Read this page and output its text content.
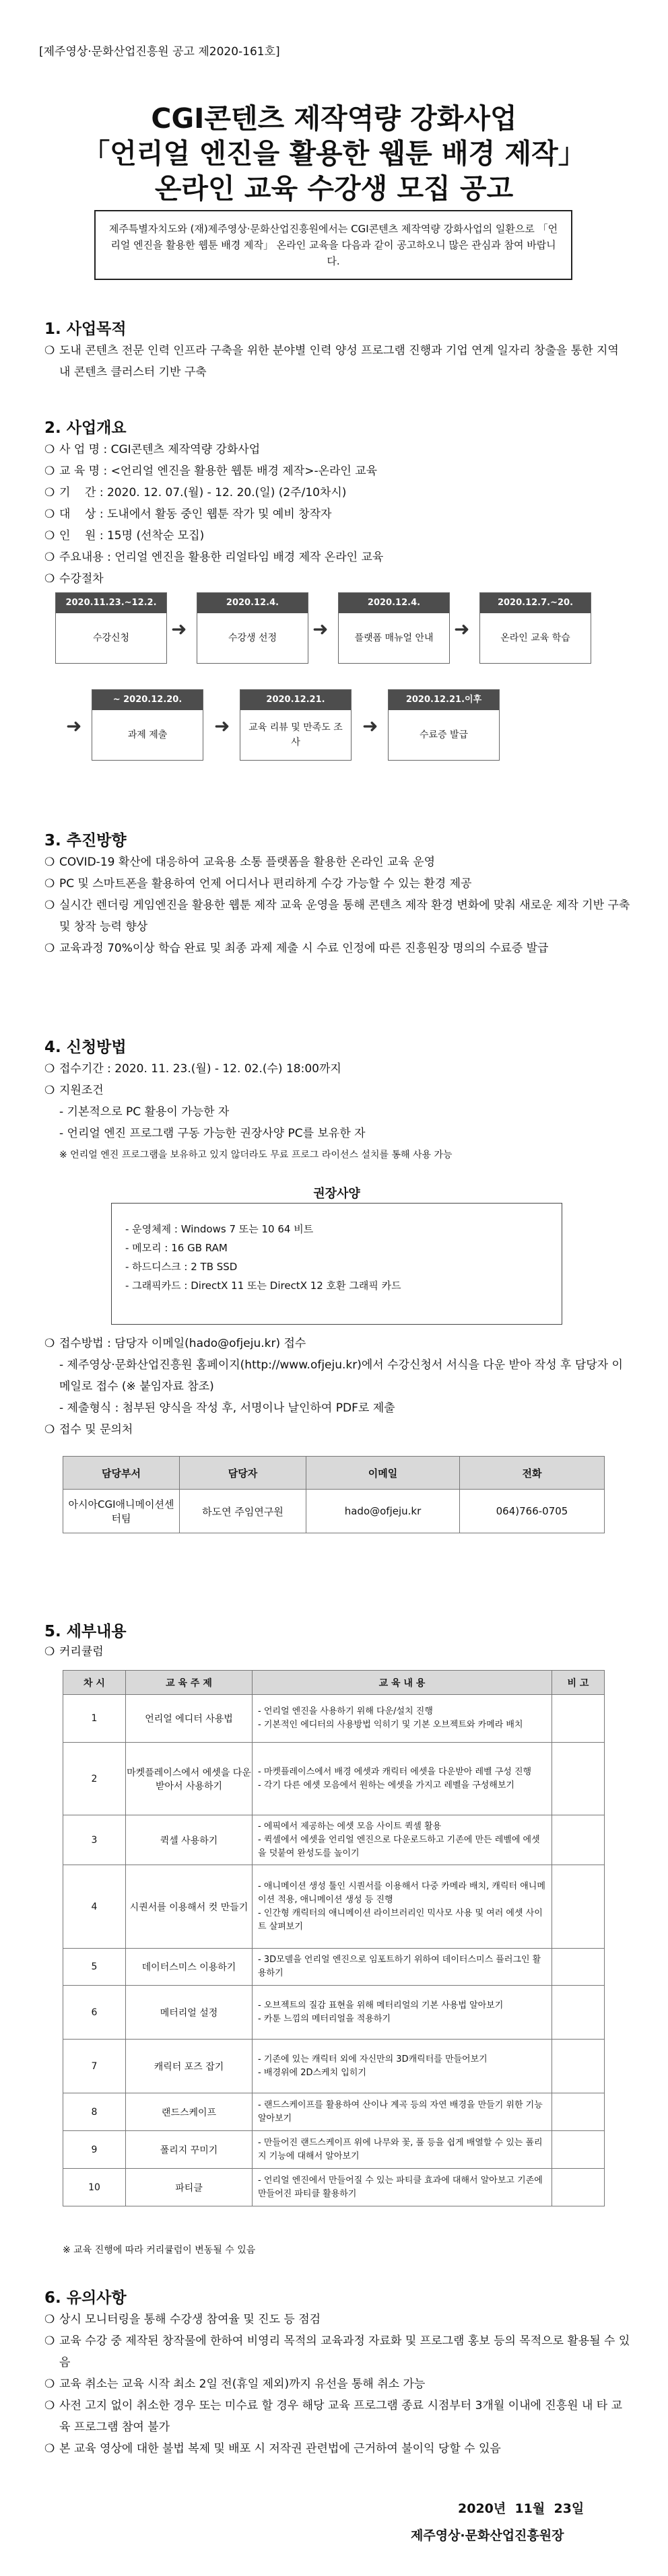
[제주영상·문화산업진흥원 공고 제2020-161호]
CGI콘텐츠 제작역량 강화사업
「언리얼 엔진을 활용한 웹툰 배경 제작」
온라인 교육 수강생 모집 공고
제주특별자치도와 (재)제주영상·문화산업진흥원에서는 CGI콘텐츠 제작역량 강화사업의 일환으로 「언리얼 엔진을 활용한 웹툰 배경 제작」 온라인 교육을 다음과 같이 공고하오니 많은 관심과 참여 바랍니다.
1. 사업목적
❍ 도내 콘텐츠 전문 인력 인프라 구축을 위한 분야별 인력 양성 프로그램 진행과 기업 연계 일자리 창출을 통한 지역 내 콘텐츠 클러스터 기반 구축
2. 사업개요
❍ 사 업 명 : CGI콘텐츠 제작역량 강화사업
❍ 교 육 명 : <언리얼 엔진을 활용한 웹툰 배경 제작>-온라인 교육
❍ 기    간 : 2020. 12. 07.(월) - 12. 20.(일) (2주/10차시)
❍ 대    상 : 도내에서 활동 중인 웹툰 작가 및 예비 창작자
❍ 인    원 : 15명 (선착순 모집)
❍ 주요내용 : 언리얼 엔진을 활용한 리얼타임 배경 제작 온라인 교육
❍ 수강절차
2020.11.23.~12.2.
수강신청	➜
2020.12.4.
수강생 선정	➜
2020.12.4.
플랫폼 매뉴얼 안내	➜
2020.12.7.~20.
온라인 교육 학습
➜
~ 2020.12.20.
과제 제출	➜
2020.12.21.
교육 리뷰 및 만족도 조사
➜
2020.12.21.이후
수료증 발급
3. 추진방향
❍ COVID-19 확산에 대응하여 교육용 소통 플랫폼을 활용한 온라인 교육 운영
❍ PC 및 스마트폰을 활용하여 언제 어디서나 편리하게 수강 가능할 수 있는 환경 제공
❍ 실시간 렌더링 게임엔진을 활용한 웹툰 제작 교육 운영을 통해 콘텐츠 제작 환경 변화에 맞춰 새로운 제작 기반 구축 및 창작 능력 향상
❍ 교육과정 70%이상 학습 완료 및 최종 과제 제출 시 수료 인정에 따른 진흥원장 명의의 수료증 발급
4. 신청방법
❍ 접수기간 : 2020. 11. 23.(월) - 12. 02.(수) 18:00까지
❍ 지원조건
- 기본적으로 PC 활용이 가능한 자
- 언리얼 엔진 프로그램 구동 가능한 권장사양 PC를 보유한 자
※ 언리얼 엔진 프로그램을 보유하고 있지 않더라도 무료 프로그 라이선스 설치를 통해 사용 가능
권장사양
- 운영체제 : Windows 7 또는 10 64 비트
- 메모리 : 16 GB RAM
- 하드디스크 : 2 TB SSD
- 그래픽카드 : DirectX 11 또는 DirectX 12 호환 그래픽 카드
❍ 접수방법 : 담당자 이메일(hado@ofjeju.kr) 접수
- 제주영상·문화산업진흥원 홈페이지(http://www.ofjeju.kr)에서 수강신청서 서식을 다운 받아 작성 후 담당자 이메일로 접수 (※ 붙임자료 참조)
- 제출형식 : 첨부된 양식을 작성 후, 서명이나 날인하여 PDF로 제출
❍ 접수 및 문의처
담당부서	담당자	이메일	전화
아시아CGI애니메이션센터팀	하도연 주임연구원	hado@ofjeju.kr	064)766-0705
5. 세부내용
❍ 커리큘럼
차 시	교 육 주 제	교 육 내 용	비 고
1	언리얼 에디터 사용법	- 언리얼 엔진을 사용하기 위해 다운/설치 진행
- 기본적인 에디터의 사용방법 익히기 및 기본 오브젝트와 카메라 배치	

2	마켓플레이스에서 에셋을 다운받아서 사용하기	- 마켓플레이스에서 배경 에셋과 캐릭터 에셋을 다운받아 레벨 구성 진행
- 각기 다른 에셋 모음에서 원하는 에셋을 가지고 레벨을 구성해보기	

3	퀵셀 사용하기	- 에픽에서 제공하는 에셋 모음 사이트 퀵셀 활용
- 퀵셀에서 에셋을 언리얼 엔진으로 다운로드하고 기존에 만든 레벨에 에셋을 덧붙여 완성도를 높이기	

4	시퀀서를 이용해서 컷 만들기	- 애니메이션 생성 툴인 시퀀서를 이용해서 다중 카메라 배치, 캐릭터 애니메이션 적용, 애니메이션 생성 등 진행
- 인간형 캐릭터의 애니메이션 라이브러리인 믹사모 사용 및 여러 에셋 사이트 살펴보기	

5	데이터스미스 이용하기	- 3D모델을 언리얼 엔진으로 임포트하기 위하여 데이터스미스 플러그인 활용하기	

6	메터리얼 설정	- 오브젝트의 질감 표현을 위해 메터리얼의 기본 사용법 알아보기
- 카툰 느낌의 메터리얼을 적용하기	

7	캐릭터 포즈 잡기	- 기존에 있는 캐릭터 외에 자신만의 3D캐릭터를 만들어보기
- 배경위에 2D스케치 입히기	

8	랜드스케이프	- 랜드스케이프를 활용하여 산이나 계곡 등의 자연 배경을 만들기 위한 기능 알아보기	

9	폴리지 꾸미기	- 만들어진 랜드스케이프 위에 나무와 꽃, 풀 등을 쉽게 배열할 수 있는 폴리지 기능에 대해서 알아보기	

10	파티클	- 언리얼 엔진에서 만들어질 수 있는 파티클 효과에 대해서 알아보고 기존에 만들어진 파티클 활용하기	

※ 교육 진행에 따라 커리큘럼이 변동될 수 있음
6. 유의사항
❍ 상시 모니터링을 통해 수강생 참여율 및 진도 등 점검
❍ 교육 수강 중 제작된 창작물에 한하여 비영리 목적의 교육과정 자료화 및 프로그램 홍보 등의 목적으로 활용될 수 있음
❍ 교육 취소는 교육 시작 최소 2일 전(휴일 제외)까지 유선을 통해 취소 가능
❍ 사전 고지 없이 취소한 경우 또는 미수료 할 경우 해당 교육 프로그램 종료 시점부터 3개월 이내에 진흥원 내 타 교육 프로그램 참여 불가
❍ 본 교육 영상에 대한 불법 복제 및 배포 시 저작권 관련법에 근거하여 불이익 당할 수 있음
2020년  11월  23일
제주영상·문화산업진흥원장
